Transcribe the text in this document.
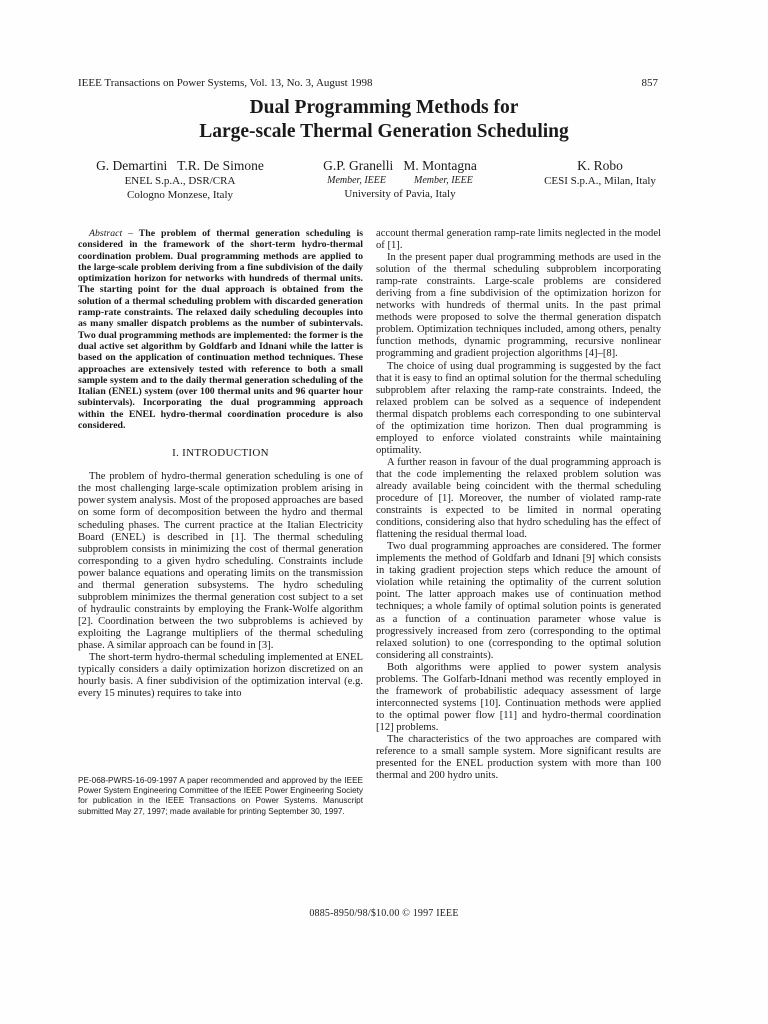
IEEE Transactions on Power Systems, Vol. 13, No. 3, August 1998	857
Dual Programming Methods for
Large-scale Thermal Generation Scheduling
G. Demartini   T.R. De Simone
ENEL S.p.A., DSR/CRA
Cologno Monzese, Italy
G.P. Granelli   M. Montagna
Member, IEEE	Member, IEEE
University of Pavia, Italy
K. Robo
CESI S.p.A., Milan, Italy

Abstract – The problem of thermal generation scheduling is considered in the framework of the short-term hydro-thermal coordination problem. Dual programming methods are applied to the large-scale problem deriving from a fine subdivision of the daily optimization horizon for networks with hundreds of thermal units. The starting point for the dual approach is obtained from the solution of a thermal scheduling problem with discarded generation ramp-rate constraints. The relaxed daily scheduling decouples into as many smaller dispatch problems as the number of subintervals. Two dual programming methods are implemented: the former is the dual active set algorithm by Goldfarb and Idnani while the latter is based on the application of continuation method techniques. These approaches are extensively tested with reference to both a small sample system and to the daily thermal generation scheduling of the Italian (ENEL) system (over 100 thermal units and 96 quarter hour subintervals). Incorporating the dual programming approach within the ENEL hydro-thermal coordination procedure is also considered.

I. INTRODUCTION

The problem of hydro-thermal generation scheduling is one of the most challenging large-scale optimization problem arising in power system analysis. Most of the proposed approaches are based on some form of decomposition between the hydro and thermal scheduling phases. The current practice at the Italian Electricity Board (ENEL) is described in [1]. The thermal scheduling subproblem consists in minimizing the cost of thermal generation corresponding to a given hydro scheduling. Constraints include power balance equations and operating limits on the transmission and thermal generation subsystems. The hydro scheduling subproblem minimizes the thermal generation cost subject to a set of hydraulic constraints by employing the Frank-Wolfe algorithm [2]. Coordination between the two subproblems is achieved by exploiting the Lagrange multipliers of the thermal scheduling phase. A similar approach can be found in [3].

The short-term hydro-thermal scheduling implemented at ENEL typically considers a daily optimization horizon discretized on an hourly basis. A finer subdivision of the optimization interval (e.g. every 15 minutes) requires to take into

PE-068-PWRS-16-09-1997 A paper recommended and approved by the IEEE Power System Engineering Committee of the IEEE Power Engineering Society for publication in the IEEE Transactions on Power Systems. Manuscript submitted May 27, 1997; made available for printing September 30, 1997.

account thermal generation ramp-rate limits neglected in the model of [1].

In the present paper dual programming methods are used in the solution of the thermal scheduling subproblem incorporating ramp-rate constraints. Large-scale problems are considered deriving from a fine subdivision of the optimization horizon for networks with hundreds of thermal units. In the past primal methods were proposed to solve the thermal generation dispatch problem. Optimization techniques included, among others, penalty function methods, dynamic programming, recursive nonlinear programming and gradient projection algorithms [4]–[8].

The choice of using dual programming is suggested by the fact that it is easy to find an optimal solution for the thermal scheduling subproblem after relaxing the ramp-rate constraints. Indeed, the relaxed problem can be solved as a sequence of independent thermal dispatch problems each corresponding to one subinterval of the optimization time horizon. Then dual programming is employed to enforce violated constraints while maintaining optimality.

A further reason in favour of the dual programming approach is that the code implementing the relaxed problem solution was already available being coincident with the thermal scheduling procedure of [1]. Moreover, the number of violated ramp-rate constraints is expected to be limited in normal operating conditions, considering also that hydro scheduling has the effect of flattening the residual thermal load.

Two dual programming approaches are considered. The former implements the method of Goldfarb and Idnani [9] which consists in taking gradient projection steps which reduce the amount of violation while retaining the optimality of the current solution point. The latter approach makes use of continuation method techniques; a whole family of optimal solution points is generated as a function of a continuation parameter whose value is progressively increased from zero (corresponding to the optimal relaxed solution) to one (corresponding to the optimal solution considering all constraints).

Both algorithms were applied to power system analysis problems. The Golfarb-Idnani method was recently employed in the framework of probabilistic adequacy assessment of large interconnected systems [10]. Continuation methods were applied to the optimal power flow [11] and hydro-thermal coordination [12] problems.

The characteristics of the two approaches are compared with reference to a small sample system. More significant results are presented for the ENEL production system with more than 100 thermal and 200 hydro units.

0885-8950/98/$10.00 © 1997 IEEE
